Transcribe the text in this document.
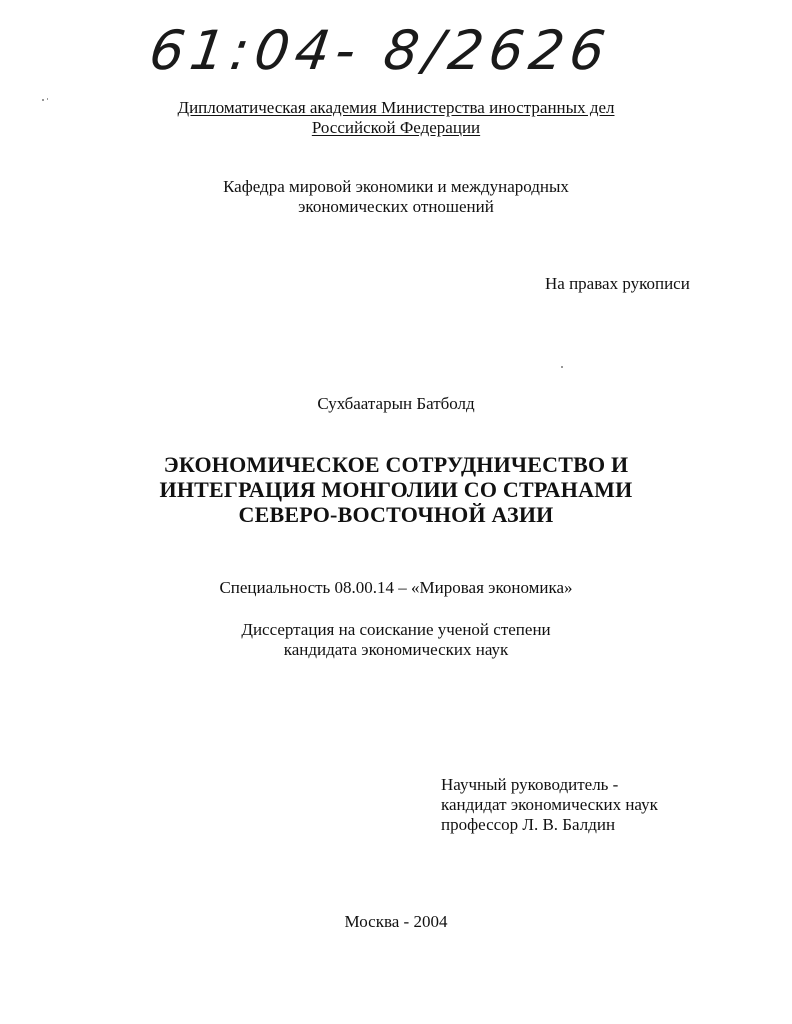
61:04- 8/2626
Дипломатическая академия Министерства иностранных дел
Российской Федерации
Кафедра мировой экономики и международных
экономических отношений
На правах рукописи
Сухбаатарын Батболд
ЭКОНОМИЧЕСКОЕ СОТРУДНИЧЕСТВО И
ИНТЕГРАЦИЯ МОНГОЛИИ СО СТРАНАМИ
СЕВЕРО-ВОСТОЧНОЙ АЗИИ
Специальность 08.00.14 – «Мировая экономика»
Диссертация на соискание ученой степени
кандидата экономических наук
Научный руководитель -
кандидат экономических наук
профессор Л. В. Балдин
Москва - 2004
